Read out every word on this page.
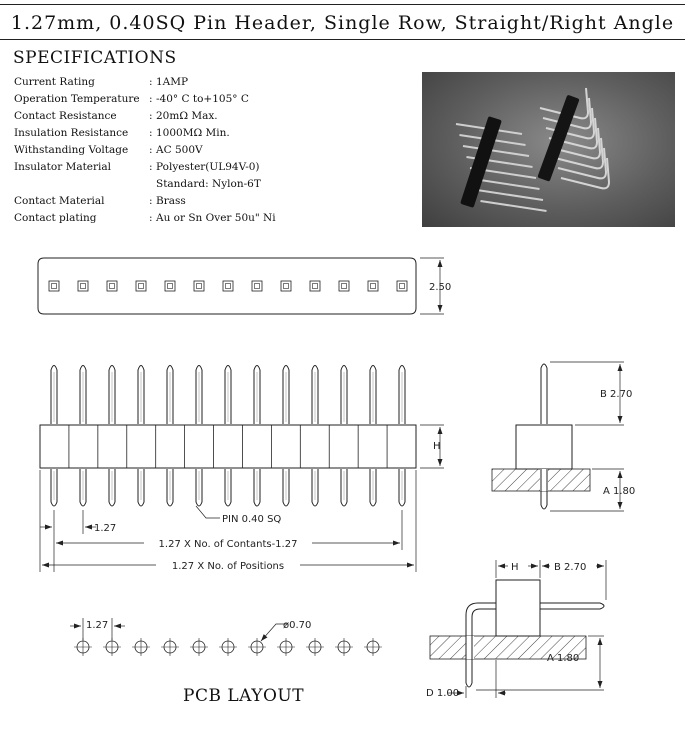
1.27mm, 0.40SQ Pin Header, Single Row, Straight/Right Angle
SPECIFICATIONS
Current Rating	: 1AMP
Operation Temperature : -40° C to+105° C
Contact Resistance	: 20mΩ Max.
Insulation Resistance	: 1000MΩ Min.
Withstanding Voltage	: AC 500V
Insulator Material	: Polyester(UL94V-0)
Standard: Nylon-6T
Contact Material	: Brass
Contact plating	: Au or Sn Over 50u" Ni
2.50
H
1.27
PIN 0.40 SQ
1.27 X No. of Contants-1.27
1.27 X No. of Positions
B 2.70
A 1.80
1.27	ø0.70
H	B 2.70
A 1.80
D 1.00
PCB LAYOUT
